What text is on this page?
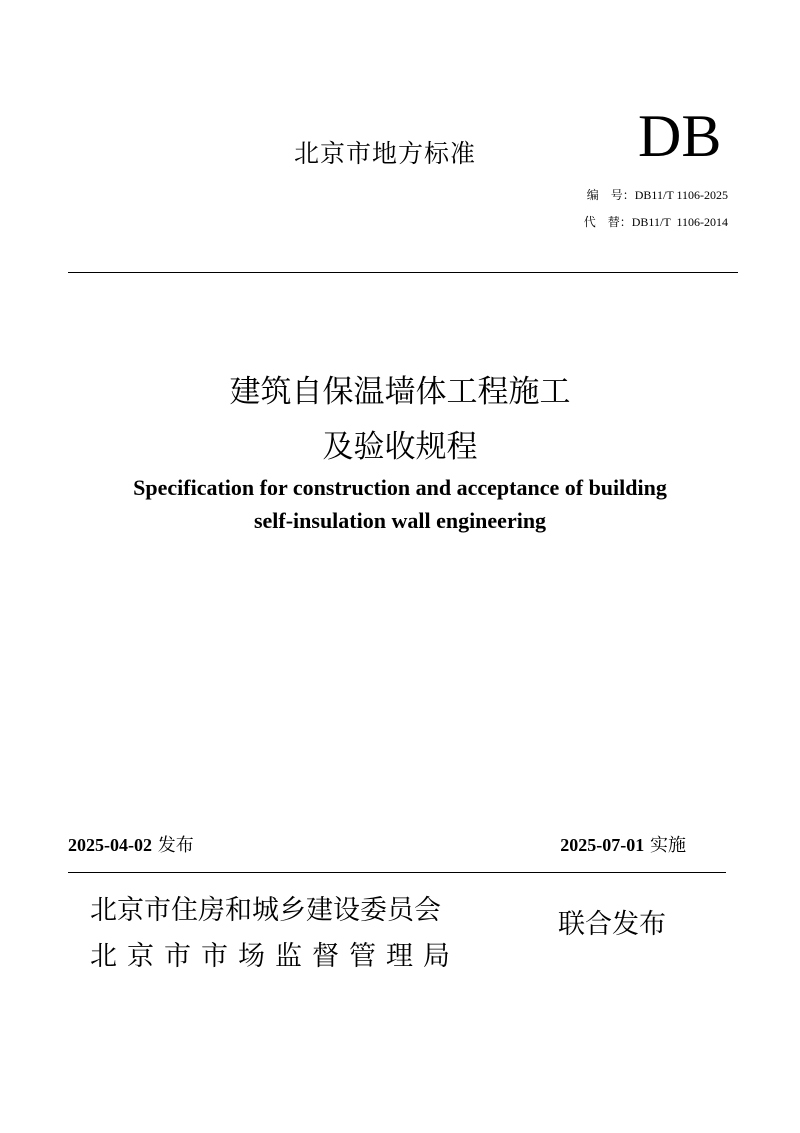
北京市地方标准	DB
编　号：DB11/T 1106-2025
代　替：DB11/T  1106-2014
建筑自保温墙体工程施工
及验收规程
Specification for construction and acceptance of building
self-insulation wall engineering
2025-04-02 发布	2025-07-01 实施
北京市住房和城乡建设委员会
北京市市场监督管理局
联合发布
